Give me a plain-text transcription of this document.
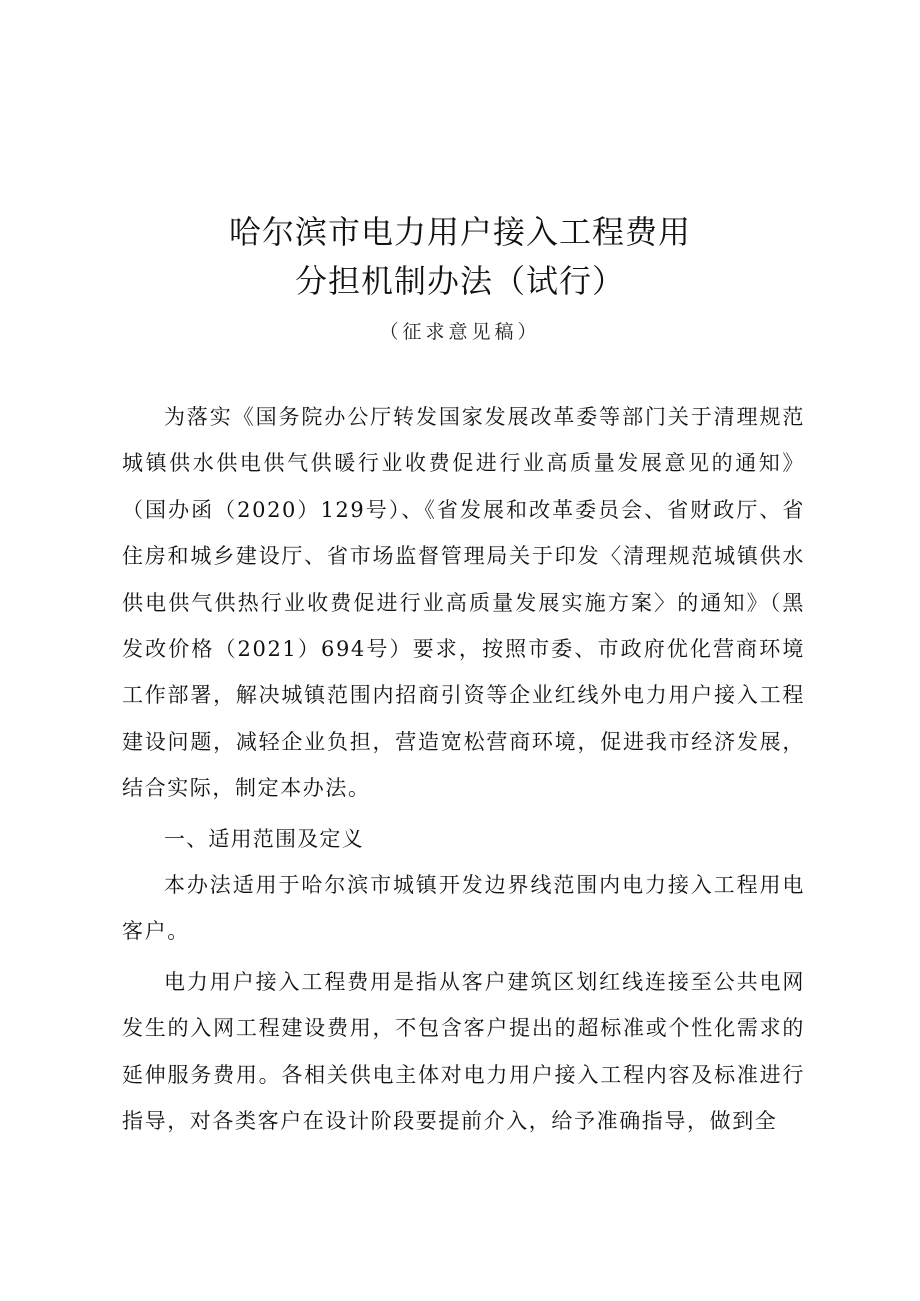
哈尔滨市电力用户接入工程费用
分担机制办法（试行）
（征求意见稿）

为落实《国务院办公厅转发国家发展改革委等部门关于清理规范城镇供水供电供气供暖行业收费促进行业高质量发展意见的通知》（国办函（2020）129号）、《省发展和改革委员会、省财政厅、省住房和城乡建设厅、省市场监督管理局关于印发〈清理规范城镇供水供电供气供热行业收费促进行业高质量发展实施方案〉的通知》（黑发改价格（2021）694号）要求，按照市委、市政府优化营商环境工作部署，解决城镇范围内招商引资等企业红线外电力用户接入工程建设问题，减轻企业负担，营造宽松营商环境，促进我市经济发展，结合实际，制定本办法。

一、适用范围及定义

本办法适用于哈尔滨市城镇开发边界线范围内电力接入工程用电客户。

电力用户接入工程费用是指从客户建筑区划红线连接至公共电网发生的入网工程建设费用，不包含客户提出的超标准或个性化需求的延伸服务费用。各相关供电主体对电力用户接入工程内容及标准进行指导，对各类客户在设计阶段要提前介入，给予准确指导，做到全
